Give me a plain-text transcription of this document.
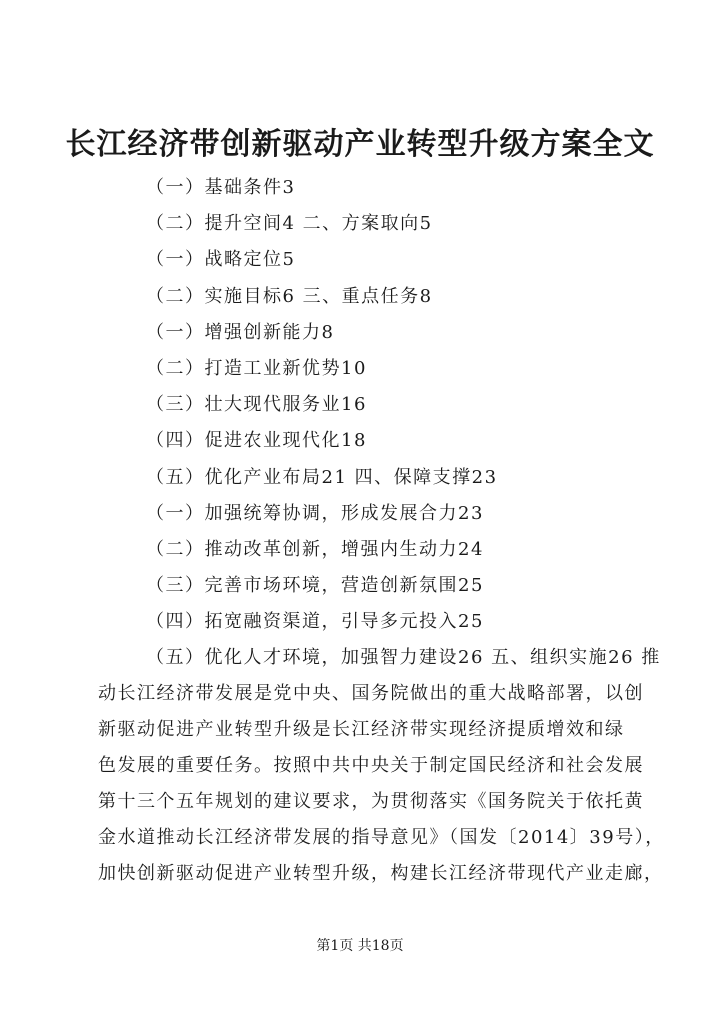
长江经济带创新驱动产业转型升级方案全文
（一）基础条件3
（二）提升空间4 二、方案取向5
（一）战略定位5
（二）实施目标6 三、重点任务8
（一）增强创新能力8
（二）打造工业新优势10
（三）壮大现代服务业16
（四）促进农业现代化18
（五）优化产业布局21 四、保障支撑23
（一）加强统筹协调，形成发展合力23
（二）推动改革创新，增强内生动力24
（三）完善市场环境，营造创新氛围25
（四）拓宽融资渠道，引导多元投入25
（五）优化人才环境，加强智力建设26 五、组织实施26 推
动长江经济带发展是党中央、国务院做出的重大战略部署，以创
新驱动促进产业转型升级是长江经济带实现经济提质增效和绿
色发展的重要任务。按照中共中央关于制定国民经济和社会发展
第十三个五年规划的建议要求，为贯彻落实《国务院关于依托黄
金水道推动长江经济带发展的指导意见》（国发〔2014〕39号），
加快创新驱动促进产业转型升级，构建长江经济带现代产业走廊，
第1页 共18页
